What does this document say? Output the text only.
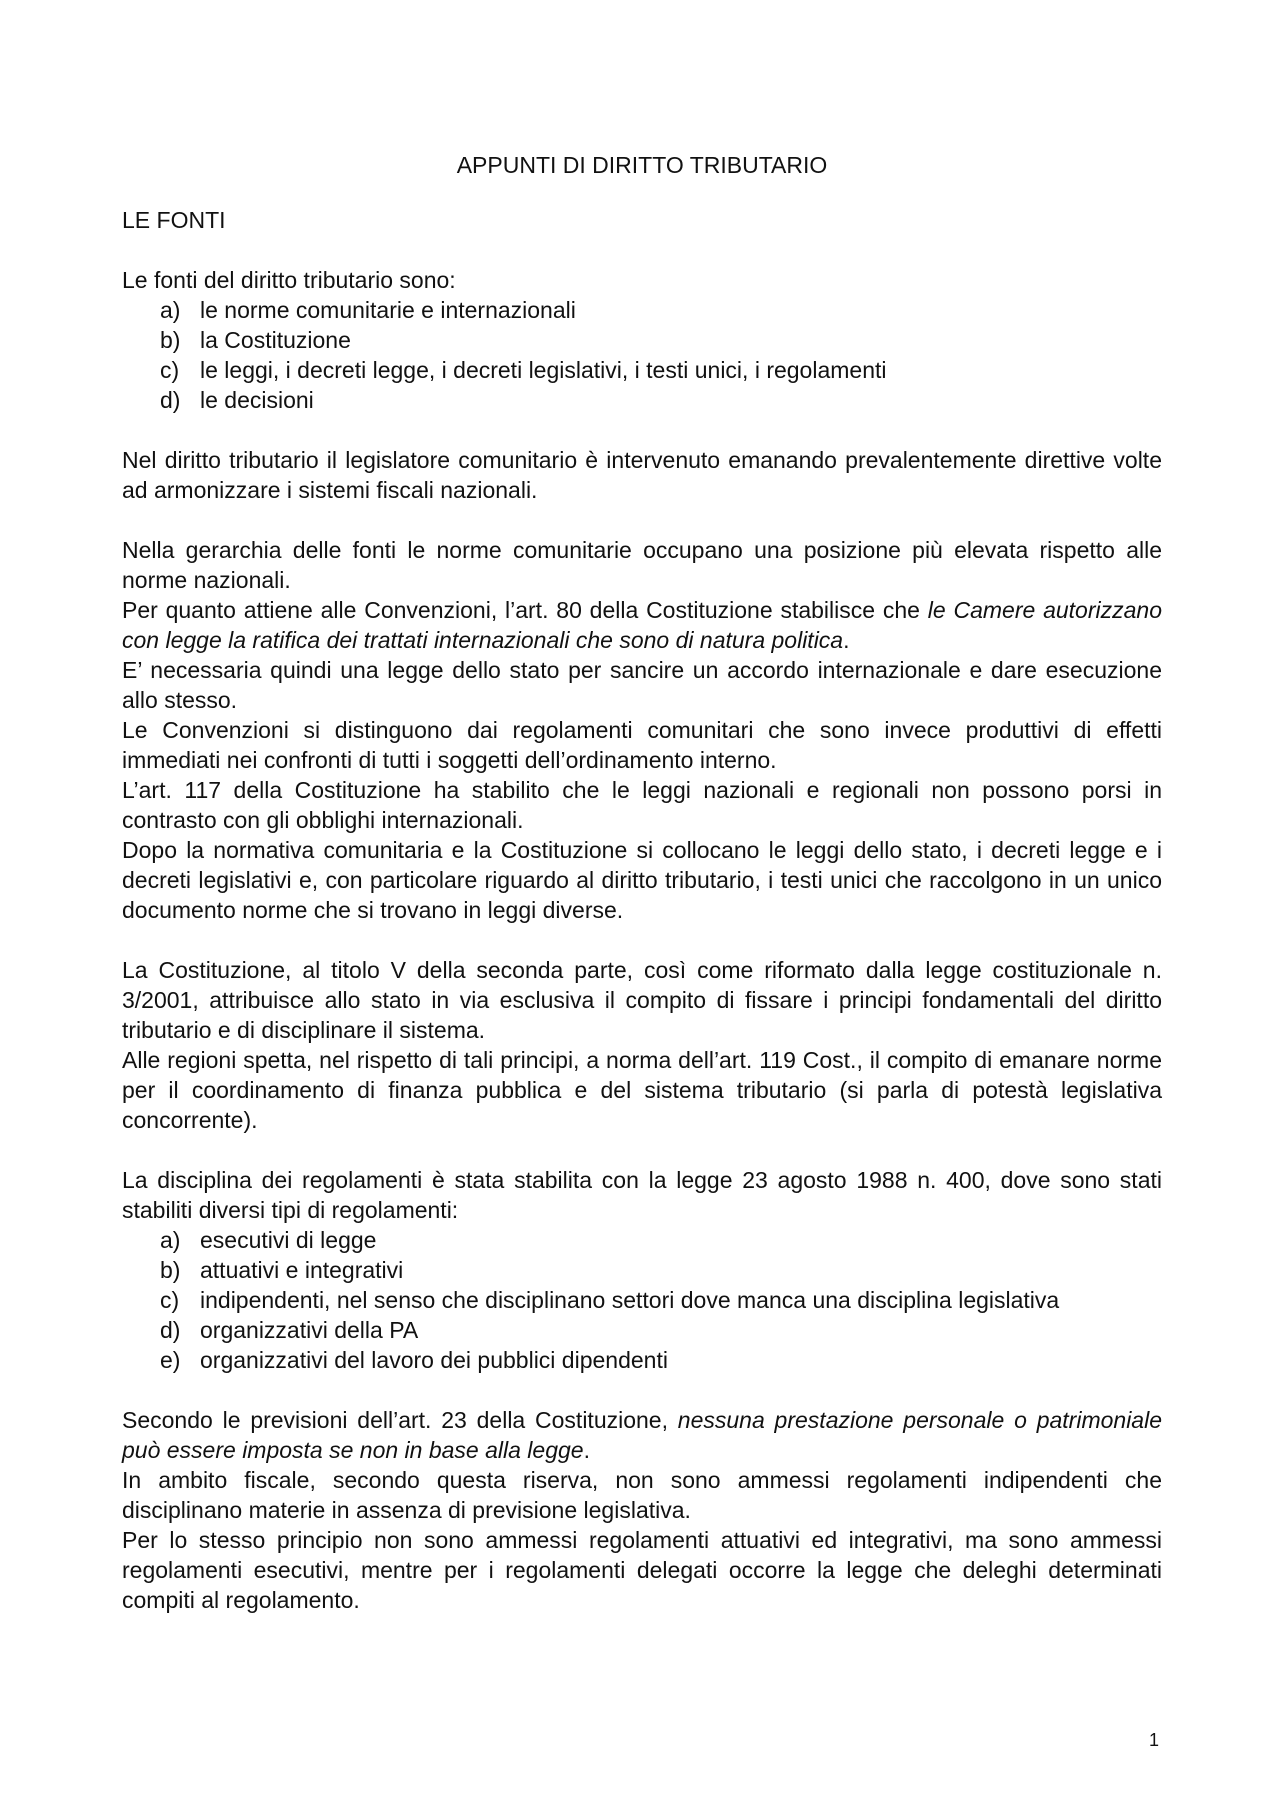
APPUNTI DI DIRITTO TRIBUTARIO
LE FONTI

Le fonti del diritto tributario sono:

a) le norme comunitarie e internazionali
b) la Costituzione
c) le leggi, i decreti legge, i decreti legislativi, i testi unici, i regolamenti
d) le decisioni

Nel diritto tributario il legislatore comunitario è intervenuto emanando prevalentemente direttive volte ad armonizzare i sistemi fiscali nazionali.

Nella gerarchia delle fonti le norme comunitarie occupano una posizione più elevata rispetto alle norme nazionali.

Per quanto attiene alle Convenzioni, l’art. 80 della Costituzione stabilisce che le Camere autorizzano con legge la ratifica dei trattati internazionali che sono di natura politica.

E’ necessaria quindi una legge dello stato per sancire un accordo internazionale e dare esecuzione allo stesso.

Le Convenzioni si distinguono dai regolamenti comunitari che sono invece produttivi di effetti immediati nei confronti di tutti i soggetti dell’ordinamento interno.

L’art. 117 della Costituzione ha stabilito che le leggi nazionali e regionali non possono porsi in contrasto con gli obblighi internazionali.

Dopo la normativa comunitaria e la Costituzione si collocano le leggi dello stato, i decreti legge e i decreti legislativi e, con particolare riguardo al diritto tributario, i testi unici che raccolgono in un unico documento norme che si trovano in leggi diverse.

La Costituzione, al titolo V della seconda parte, così come riformato dalla legge costituzionale n. 3/2001, attribuisce allo stato in via esclusiva il compito di fissare i principi fondamentali del diritto tributario e di disciplinare il sistema.

Alle regioni spetta, nel rispetto di tali principi, a norma dell’art. 119 Cost., il compito di emanare norme per il coordinamento di finanza pubblica e del sistema tributario (si parla di potestà legislativa concorrente).

La disciplina dei regolamenti è stata stabilita con la legge 23 agosto 1988 n. 400, dove sono stati stabiliti diversi tipi di regolamenti:

a) esecutivi di legge
b) attuativi e integrativi
c) indipendenti, nel senso che disciplinano settori dove manca una disciplina legislativa
d) organizzativi della PA
e) organizzativi del lavoro dei pubblici dipendenti

Secondo le previsioni dell’art. 23 della Costituzione, nessuna prestazione personale o patrimoniale può essere imposta se non in base alla legge.

In ambito fiscale, secondo questa riserva, non sono ammessi regolamenti indipendenti che disciplinano materie in assenza di previsione legislativa.

Per lo stesso principio non sono ammessi regolamenti attuativi ed integrativi, ma sono ammessi regolamenti esecutivi, mentre per i regolamenti delegati occorre la legge che deleghi determinati compiti al regolamento.

1
